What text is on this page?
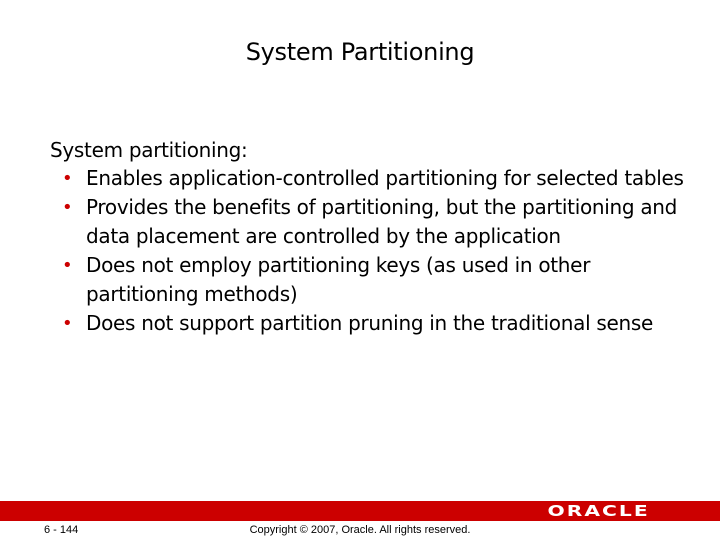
System Partitioning
System partitioning:
• Enables application-controlled partitioning for selected tables
• Provides the benefits of partitioning, but the partitioning and data placement are controlled by the application
• Does not employ partitioning keys (as used in other partitioning methods)
• Does not support partition pruning in the traditional sense
ORACLE
6 - 144	Copyright © 2007, Oracle. All rights reserved.
